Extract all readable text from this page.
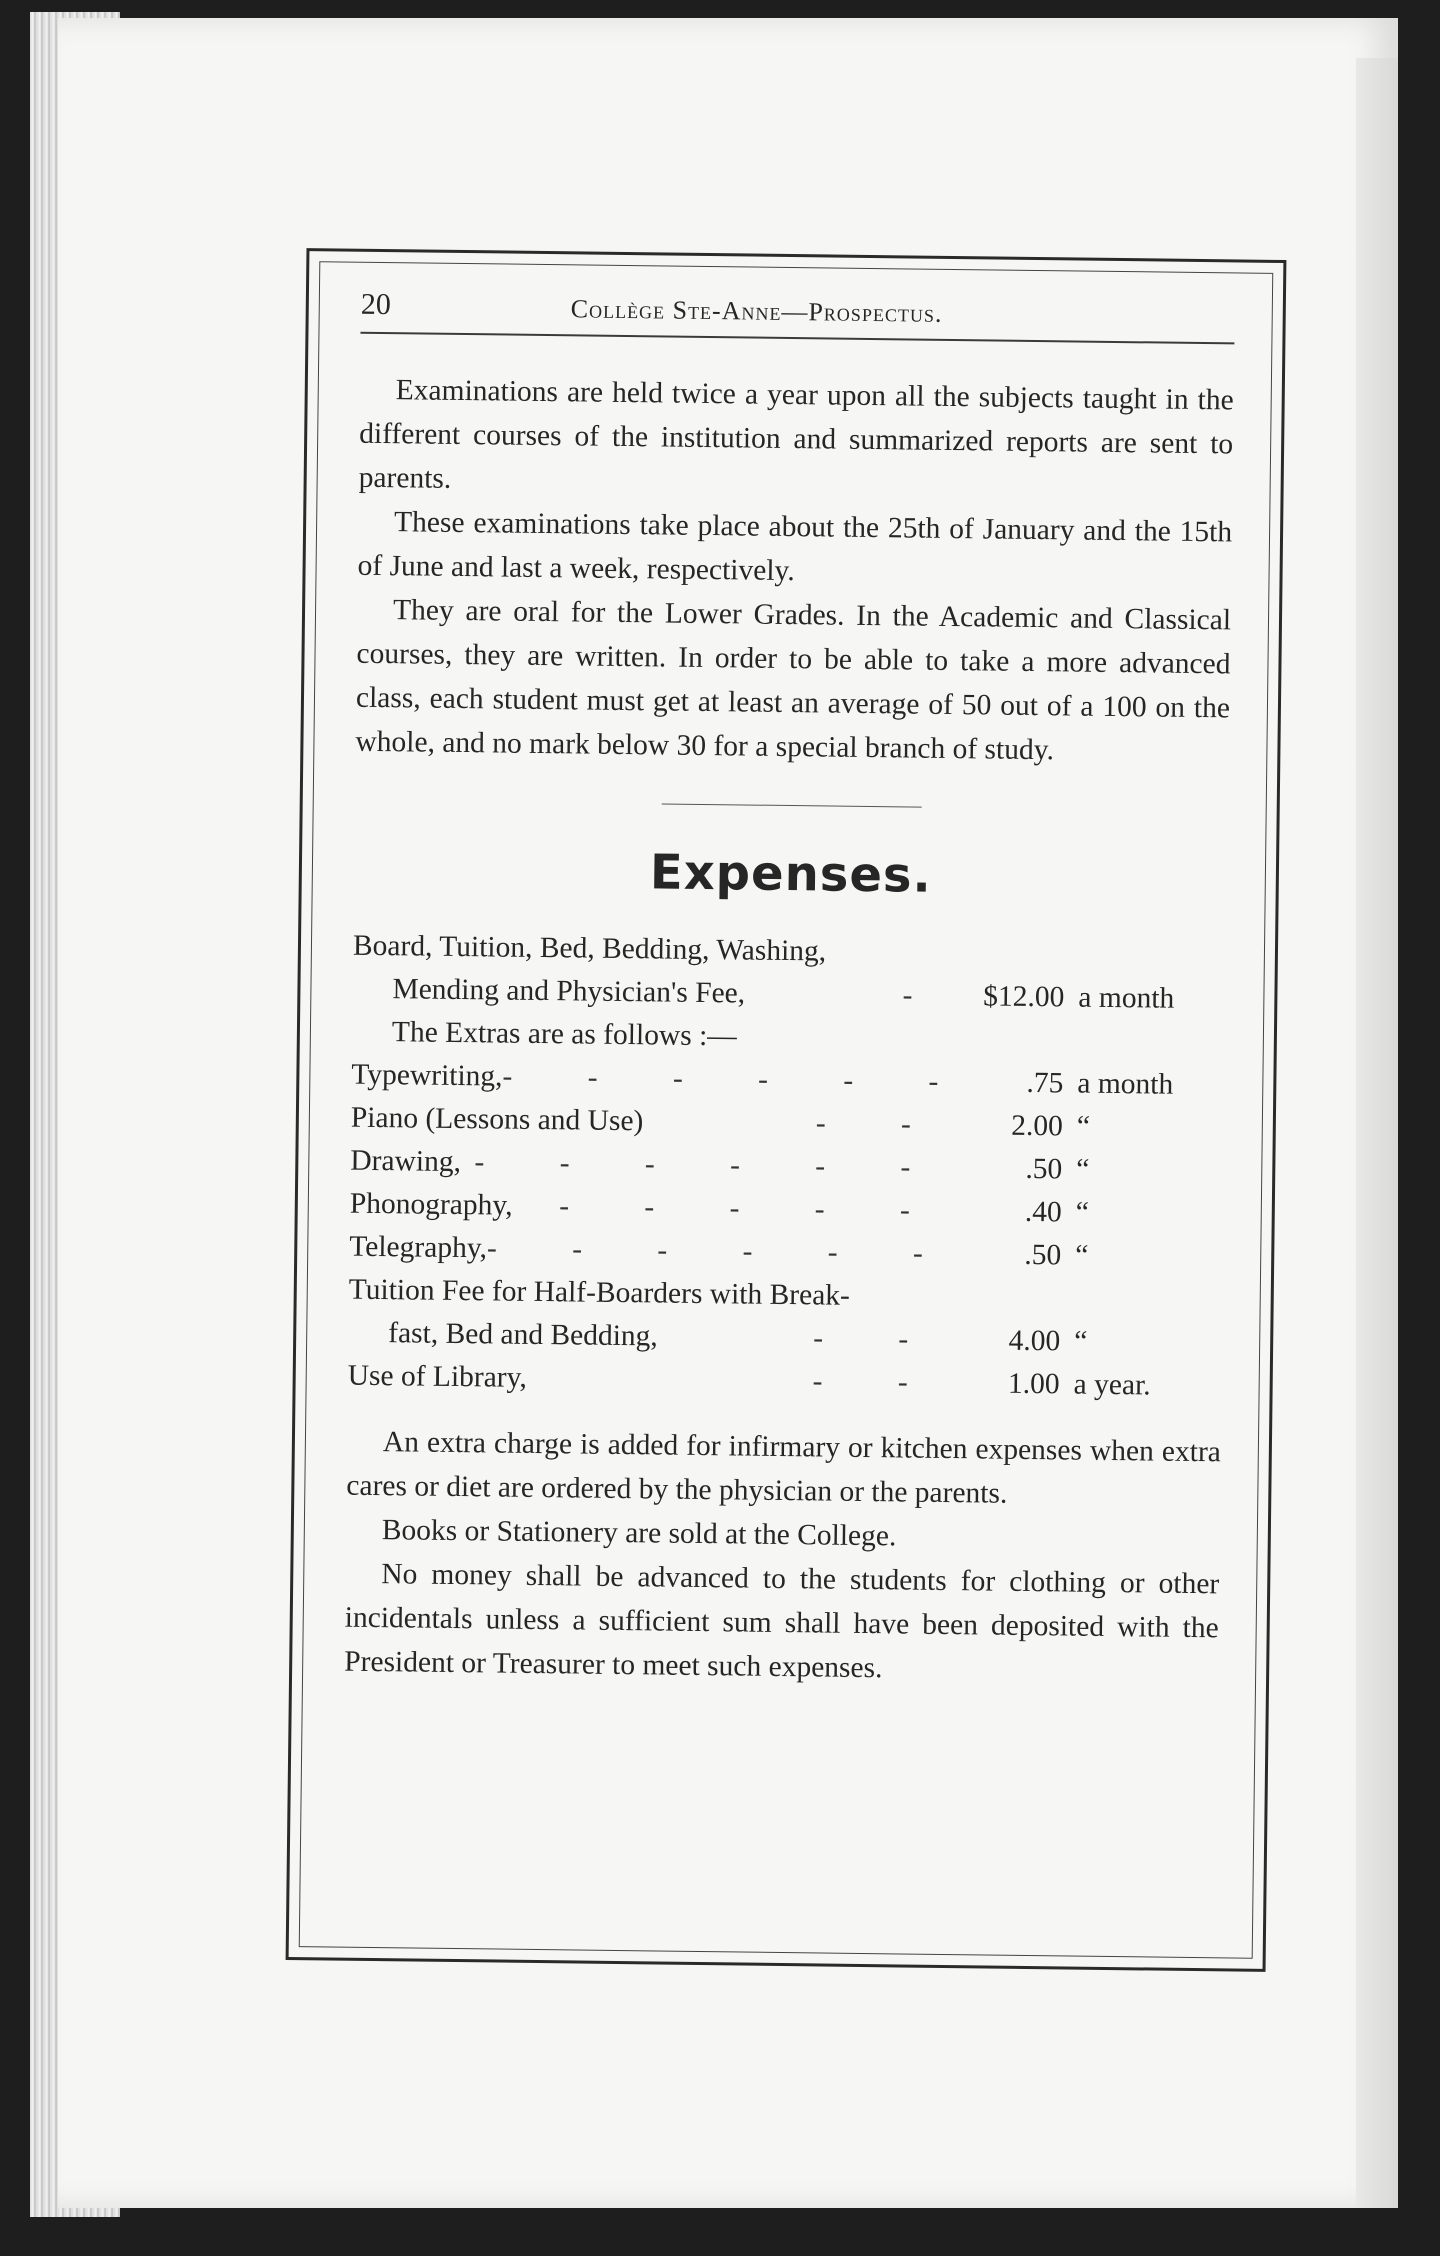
20	Collège Ste-Anne—Prospectus.

Examinations are held twice a year upon all the subjects taught in the different courses of the institution and summarized reports are sent to parents.

These examinations take place about the 25th of January and the 15th of June and last a week, respectively.

They are oral for the Lower Grades. In the Academic and Classical courses, they are written. In order to be able to take a more advanced class, each student must get at least an average of 50 out of a 100 on the whole, and no mark below 30 for a special branch of study.

Expenses.
Board, Tuition, Bed, Bedding, Washing,
Mending and Physician's Fee,	-	$12.00 a month
The Extras are as follows :—
Typewriting, - - - - - -	.75 a month
Piano (Lessons and Use)	- -	2.00 “
Drawing, - - - - - -	.50 “
Phonography,	- - - - -	.40 “
Telegraphy, - - - - - -	.50 “
Tuition Fee for Half-Boarders with Break-
fast, Bed and Bedding,	- -	4.00 “
Use of Library,	- -	1.00 a year.

An extra charge is added for infirmary or kitchen expenses when extra cares or diet are ordered by the physician or the parents.

Books or Stationery are sold at the College.

No money shall be advanced to the students for clothing or other incidentals unless a sufficient sum shall have been deposited with the President or Treasurer to meet such expenses.
